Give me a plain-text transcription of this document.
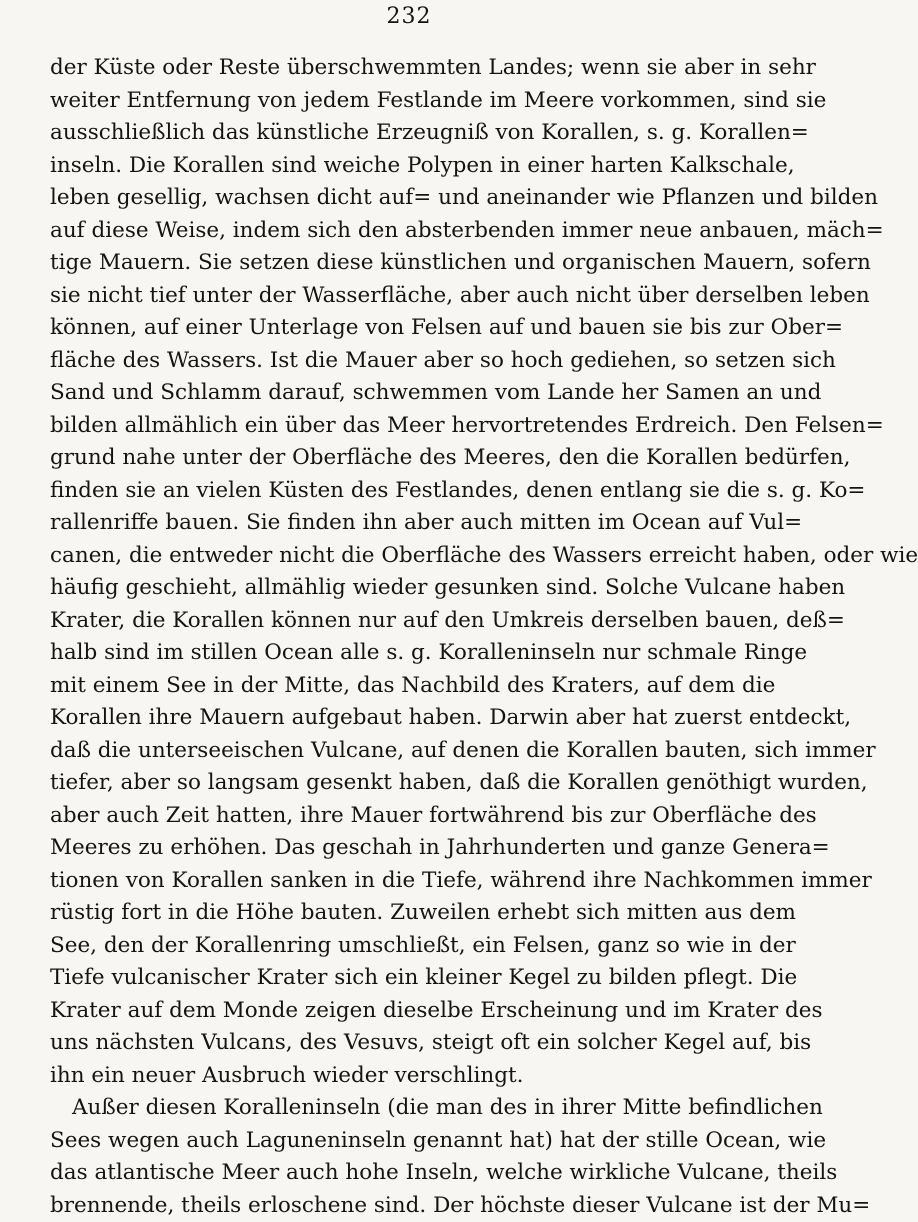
232
der Küste oder Reste überschwemmten Landes; wenn sie aber in sehr
weiter Entfernung von jedem Festlande im Meere vorkommen, sind sie
ausschließlich das künstliche Erzeugniß von Korallen, s. g. Korallen=
inseln. Die Korallen sind weiche Polypen in einer harten Kalkschale,
leben gesellig, wachsen dicht auf= und aneinander wie Pflanzen und bilden
auf diese Weise, indem sich den absterbenden immer neue anbauen, mäch=
tige Mauern. Sie setzen diese künstlichen und organischen Mauern, sofern
sie nicht tief unter der Wasserfläche, aber auch nicht über derselben leben
können, auf einer Unterlage von Felsen auf und bauen sie bis zur Ober=
fläche des Wassers. Ist die Mauer aber so hoch gediehen, so setzen sich
Sand und Schlamm darauf, schwemmen vom Lande her Samen an und
bilden allmählich ein über das Meer hervortretendes Erdreich. Den Felsen=
grund nahe unter der Oberfläche des Meeres, den die Korallen bedürfen,
finden sie an vielen Küsten des Festlandes, denen entlang sie die s. g. Ko=
rallenriffe bauen. Sie finden ihn aber auch mitten im Ocean auf Vul=
canen, die entweder nicht die Oberfläche des Wassers erreicht haben, oder wie
häufig geschieht, allmählig wieder gesunken sind. Solche Vulcane haben
Krater, die Korallen können nur auf den Umkreis derselben bauen, deß=
halb sind im stillen Ocean alle s. g. Koralleninseln nur schmale Ringe
mit einem See in der Mitte, das Nachbild des Kraters, auf dem die
Korallen ihre Mauern aufgebaut haben. Darwin aber hat zuerst entdeckt,
daß die unterseeischen Vulcane, auf denen die Korallen bauten, sich immer
tiefer, aber so langsam gesenkt haben, daß die Korallen genöthigt wurden,
aber auch Zeit hatten, ihre Mauer fortwährend bis zur Oberfläche des
Meeres zu erhöhen. Das geschah in Jahrhunderten und ganze Genera=
tionen von Korallen sanken in die Tiefe, während ihre Nachkommen immer
rüstig fort in die Höhe bauten. Zuweilen erhebt sich mitten aus dem
See, den der Korallenring umschließt, ein Felsen, ganz so wie in der
Tiefe vulcanischer Krater sich ein kleiner Kegel zu bilden pflegt. Die
Krater auf dem Monde zeigen dieselbe Erscheinung und im Krater des
uns nächsten Vulcans, des Vesuvs, steigt oft ein solcher Kegel auf, bis
ihn ein neuer Ausbruch wieder verschlingt.
Außer diesen Koralleninseln (die man des in ihrer Mitte befindlichen
Sees wegen auch Laguneninseln genannt hat) hat der stille Ocean, wie
das atlantische Meer auch hohe Inseln, welche wirkliche Vulcane, theils
brennende, theils erloschene sind. Der höchste dieser Vulcane ist der Mu=
